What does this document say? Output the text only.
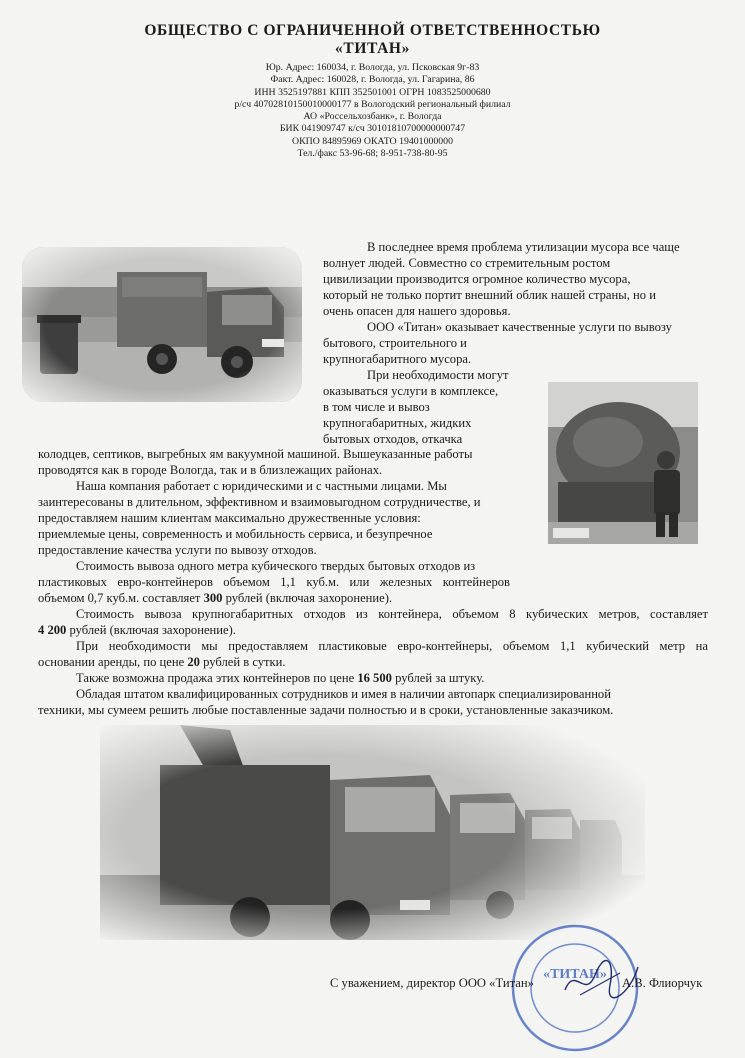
ОБЩЕСТВО С ОГРАНИЧЕННОЙ ОТВЕТСТВЕННОСТЬЮ
«ТИТАН»
Юр. Адрес: 160034, г. Вологда, ул. Псковская 9г-83
Факт. Адрес: 160028, г. Вологда, ул. Гагарина, 86
ИНН 3525197881 КПП 352501001 ОГРН 1083525000680
р/сч 40702810150010000177 в Вологодский региональный филиал
АО «Россельхозбанк», г. Вологда
БИК 041909747 к/сч 30101810700000000747
ОКПО 84895969 ОКАТО 19401000000
Тел./факс 53-96-68; 8-951-738-80-95
В последнее время проблема утилизации мусора все чаще
волнует людей. Совместно со стремительным ростом
цивилизации производится огромное количество мусора,
который не только портит внешний облик нашей страны, но и
очень опасен для нашего здоровья.
ООО «Титан» оказывает качественные услуги по вывозу
бытового, строительного и
крупногабаритного мусора.
При необходимости могут
оказываться услуги в комплексе,
в том числе и вывоз
крупногабаритных, жидких
бытовых отходов, откачка
колодцев, септиков, выгребных ям вакуумной машиной. Вышеуказанные работы
проводятся как в городе Вологда, так и в близлежащих районах.
Наша компания работает с юридическими и с частными лицами. Мы
заинтересованы в длительном, эффективном и взаимовыгодном сотрудничестве, и
предоставляем нашим клиентам максимально дружественные условия:
приемлемые цены, современность и мобильность сервиса, и безупречное
предоставление качества услуги по вывозу отходов.
Стоимость вывоза одного метра кубического твердых бытовых отходов из
пластиковых евро-контейнеров объемом 1,1 куб.м. или железных контейнеров
объемом 0,7 куб.м. составляет 300 рублей (включая захоронение).
Стоимость вывоза крупногабаритных отходов из контейнера, объемом 8 кубических метров, составляет
4 200 рублей (включая захоронение).
При необходимости мы предоставляем пластиковые евро-контейнеры, объемом 1,1 кубический метр на
основании аренды, по цене 20 рублей в сутки.
Также возможна продажа этих контейнеров по цене 16 500 рублей за штуку.
Обладая штатом квалифицированных сотрудников и имея в наличии автопарк специализированной
техники, мы сумеем решить любые поставленные задачи полностью и в сроки, установленные заказчиком.
«ТИТАН»
С уважением, директор ООО «Титан»	А.В. Флиорчук
